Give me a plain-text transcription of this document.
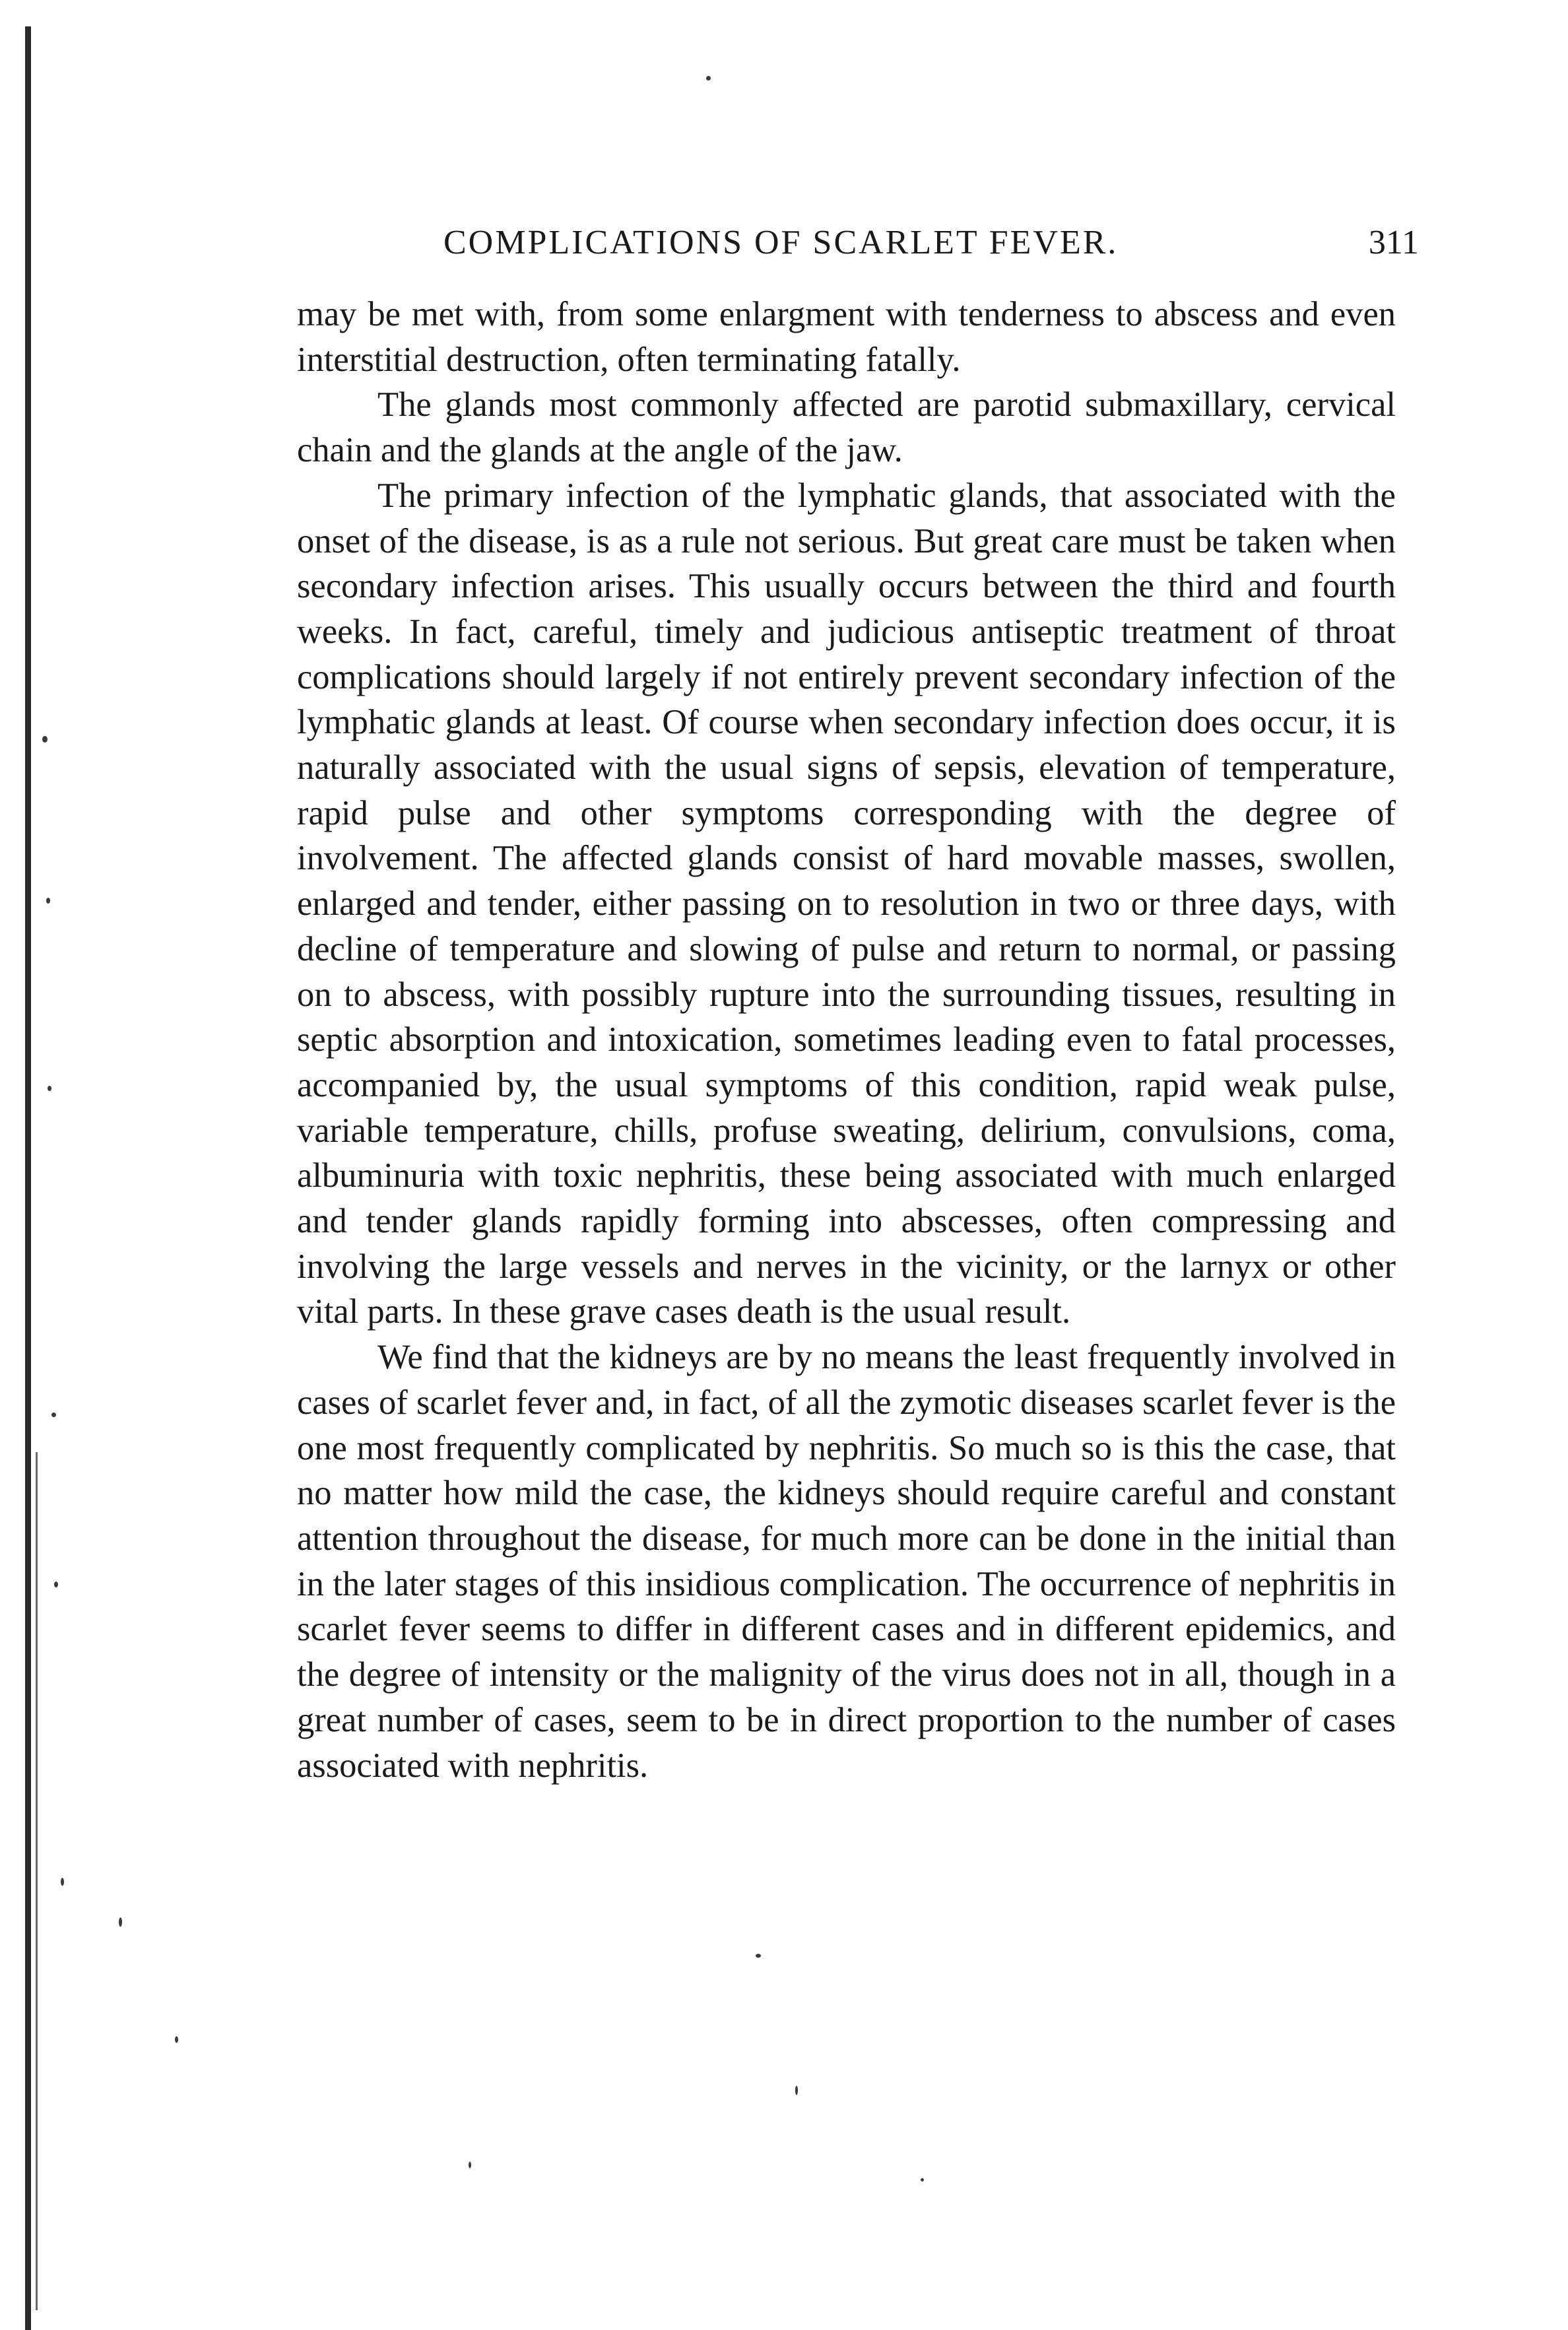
COMPLICATIONS OF SCARLET FEVER.	311

may be met with, from some enlargment with tenderness to abscess and even interstitial destruction, often terminating fatally.

The glands most commonly affected are parotid submaxillary, cervical chain and the glands at the angle of the jaw.

The primary infection of the lymphatic glands, that associated with the onset of the disease, is as a rule not serious. But great care must be taken when secondary infection arises. This usually occurs between the third and fourth weeks. In fact, careful, timely and judicious antiseptic treatment of throat complications should largely if not entirely prevent secondary infection of the lymphatic glands at least. Of course when secondary infection does occur, it is naturally associated with the usual signs of sepsis, elevation of temperature, rapid pulse and other symptoms corresponding with the degree of involvement. The affected glands consist of hard movable masses, swollen, enlarged and tender, either passing on to resolution in two or three days, with decline of temperature and slowing of pulse and return to normal, or passing on to abscess, with possibly rupture into the surrounding tissues, resulting in septic absorption and intoxication, sometimes leading even to fatal processes, accompanied by, the usual symptoms of this condition, rapid weak pulse, variable temperature, chills, profuse sweating, delirium, convulsions, coma, albuminuria with toxic nephritis, these being associated with much enlarged and tender glands rapidly forming into abscesses, often compressing and involving the large vessels and nerves in the vicinity, or the larnyx or other vital parts. In these grave cases death is the usual result.

We find that the kidneys are by no means the least frequently involved in cases of scarlet fever and, in fact, of all the zymotic diseases scarlet fever is the one most frequently complicated by nephritis. So much so is this the case, that no matter how mild the case, the kidneys should require careful and constant attention throughout the disease, for much more can be done in the initial than in the later stages of this insidious complication. The occurrence of nephritis in scarlet fever seems to differ in different cases and in different epidemics, and the degree of intensity or the malignity of the virus does not in all, though in a great number of cases, seem to be in direct proportion to the number of cases associated with nephritis.
